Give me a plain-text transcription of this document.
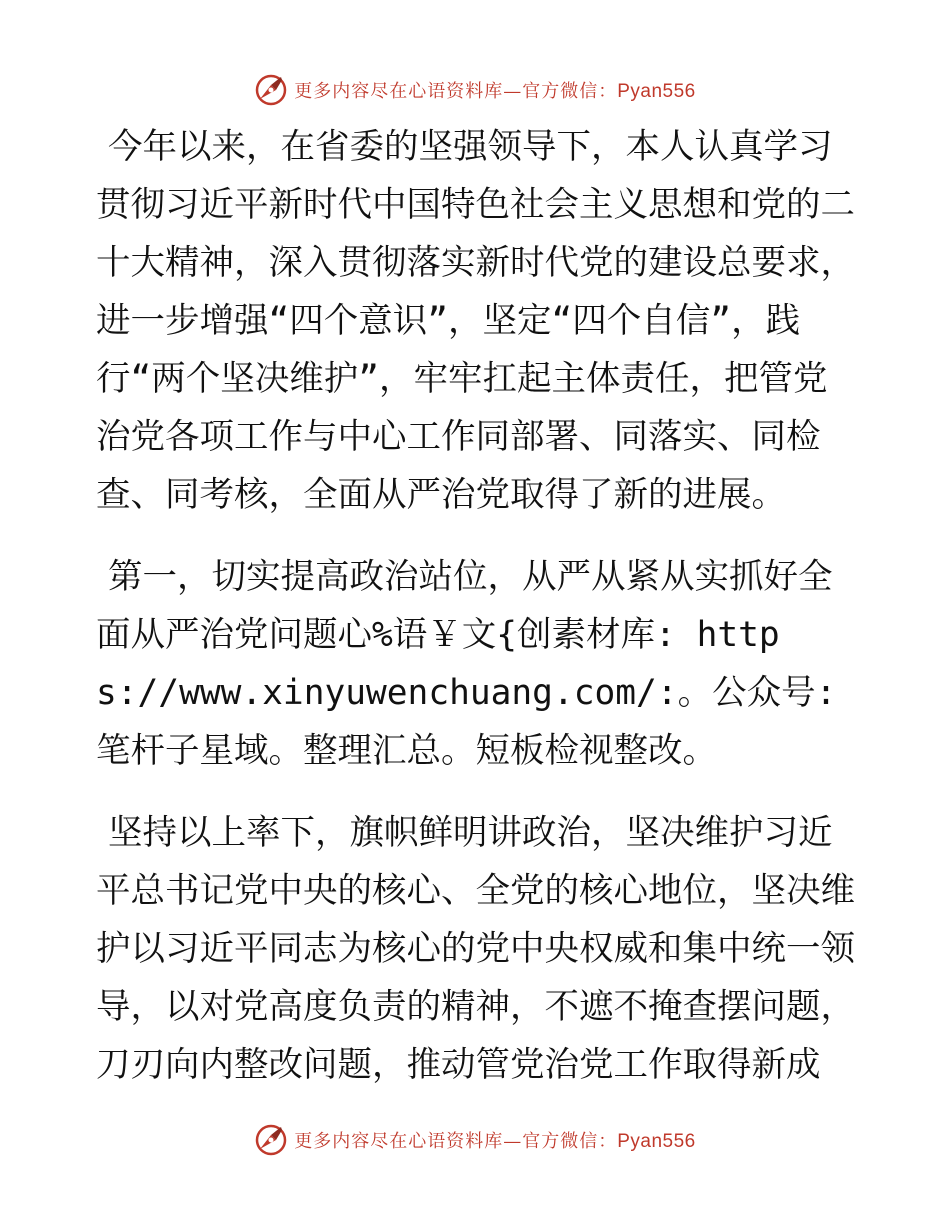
更多内容尽在心语资料库—官方微信：Pyan556

今年以来，在省委的坚强领导下，本人认真学习贯彻习近平新时代中国特色社会主义思想和党的二十大精神，深入贯彻落实新时代党的建设总要求，进一步增强“四个意识”，坚定“四个自信”，践行“两个坚决维护”，牢牢扛起主体责任，把管党治党各项工作与中心工作同部署、同落实、同检查、同考核，全面从严治党取得了新的进展。

第一，切实提高政治站位，从严从紧从实抓好全面从严治党问题心%语￥文{创素材库: https://www.xinyuwenchuang.com/:。公众号: 笔杆子星域。整理汇总。短板检视整改。

坚持以上率下，旗帜鲜明讲政治，坚决维护习近平总书记党中央的核心、全党的核心地位，坚决维护以习近平同志为核心的党中央权威和集中统一领导，以对党高度负责的精神，不遮不掩查摆问题，刀刃向内整改问题，推动管党治党工作取得新成

更多内容尽在心语资料库—官方微信：Pyan556
